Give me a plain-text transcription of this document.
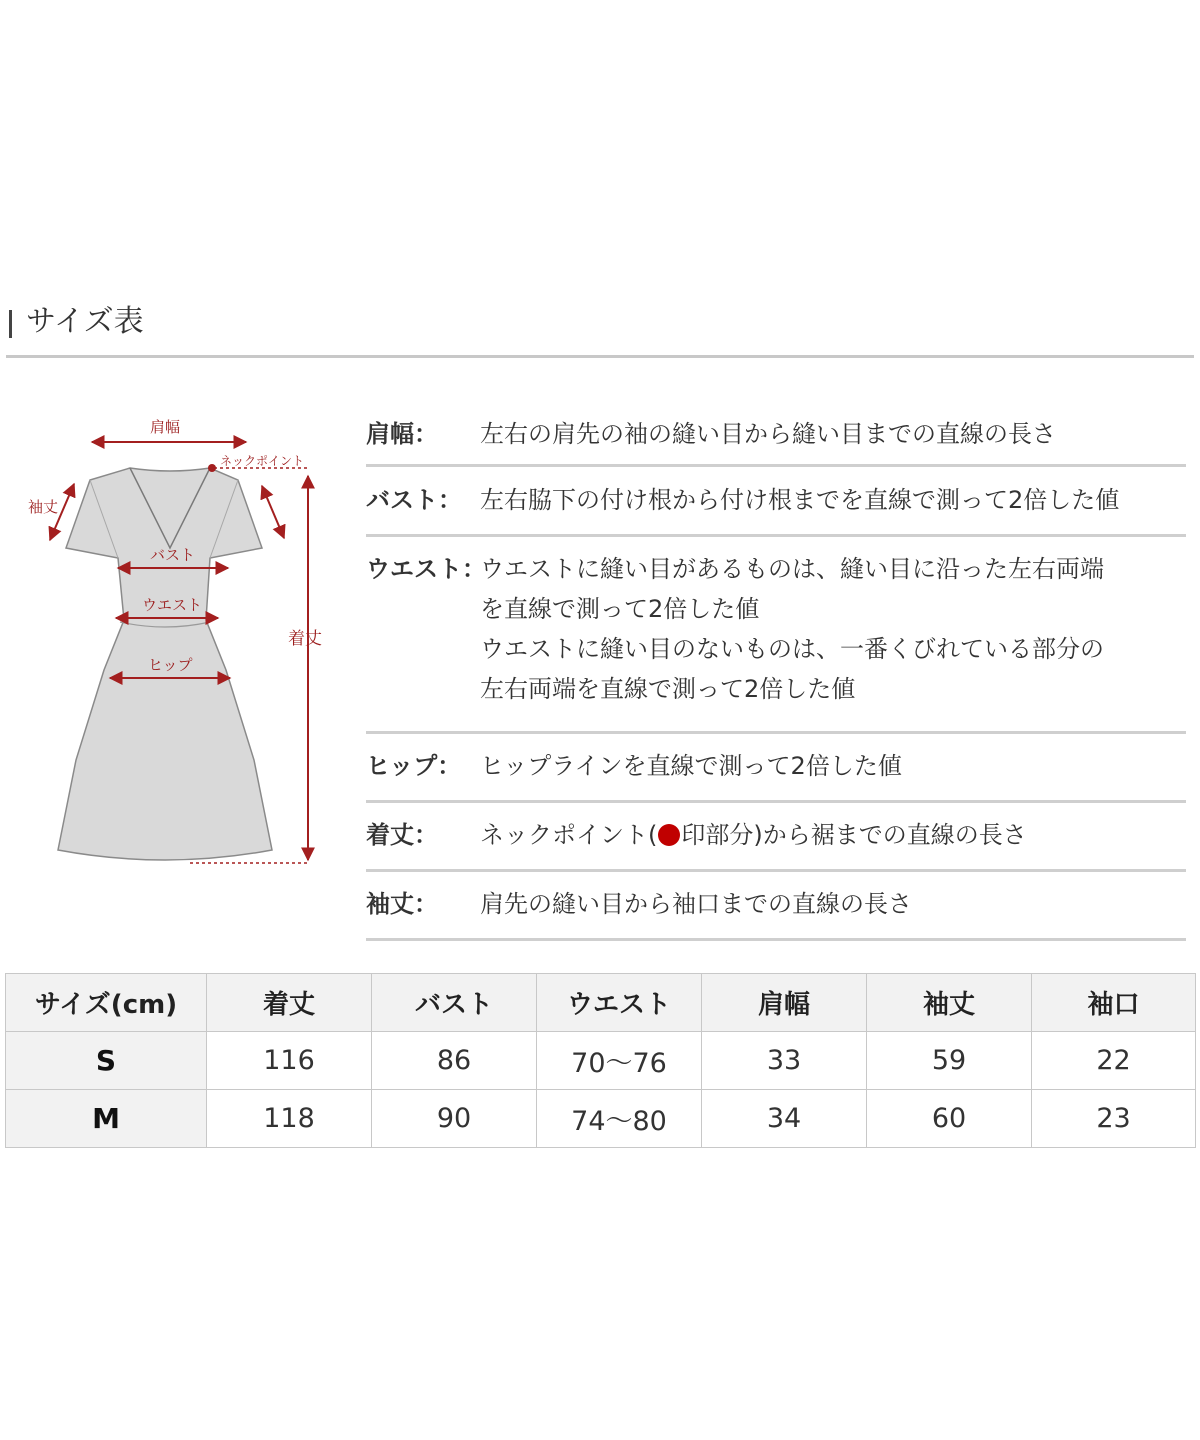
サイズ表
肩幅
ネックポイント
袖丈
バスト
ウエスト
ヒップ
着丈
肩幅： 左右の肩先の袖の縫い目から縫い目までの直線の長さ
バスト： 左右脇下の付け根から付け根までを直線で測って2倍した値
ウエスト：
ウエストに縫い目があるものは、縫い目に沿った左右両端
を直線で測って2倍した値
ウエストに縫い目のないものは、一番くびれている部分の
左右両端を直線で測って2倍した値
ヒップ： ヒップラインを直線で測って2倍した値
着丈： ネックポイント( 印部分)から裾までの直線の長さ
袖丈： 肩先の縫い目から袖口までの直線の長さ
サイズ(cm)	着丈	バスト	ウエスト	肩幅	袖丈	袖口
S	116	86	70〜76	33	59	22
M	118	90	74〜80	34	60	23
